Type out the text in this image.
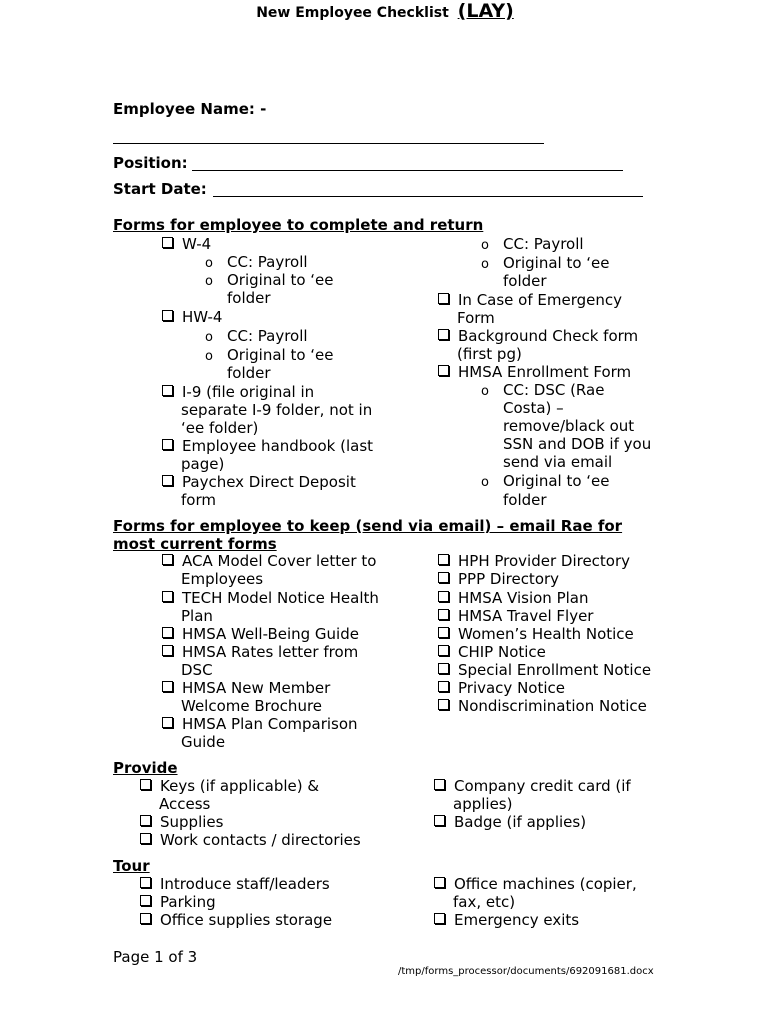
New Employee Checklist (LAY)
Employee Name: -
Position:
Start Date:
Forms for employee to complete and return
W-4
o CC: Payroll
o Original to ‘ee
folder
HW-4
o CC: Payroll
o Original to ‘ee
folder
I-9 (file original in
separate I-9 folder, not in
‘ee folder)
Employee handbook (last
page)
Paychex Direct Deposit
form
o CC: Payroll
o Original to ‘ee
folder
In Case of Emergency
Form
Background Check form
(first pg)
HMSA Enrollment Form
o CC: DSC (Rae
Costa) –
remove/black out
SSN and DOB if you
send via email
o Original to ‘ee
folder
Forms for employee to keep (send via email) – email Rae for
most current forms
ACA Model Cover letter to
Employees
TECH Model Notice Health
Plan
HMSA Well-Being Guide
HMSA Rates letter from
DSC
HMSA New Member
Welcome Brochure
HMSA Plan Comparison
Guide
HPH Provider Directory
PPP Directory
HMSA Vision Plan
HMSA Travel Flyer
Women’s Health Notice
CHIP Notice
Special Enrollment Notice
Privacy Notice
Nondiscrimination Notice
Provide
Keys (if applicable) &
Access
Supplies
Work contacts / directories
Company credit card (if
applies)
Badge (if applies)
Tour
Introduce staff/leaders
Parking
Office supplies storage
Office machines (copier,
fax, etc)
Emergency exits
Page 1 of 3
/tmp/forms_processor/documents/692091681.docx
